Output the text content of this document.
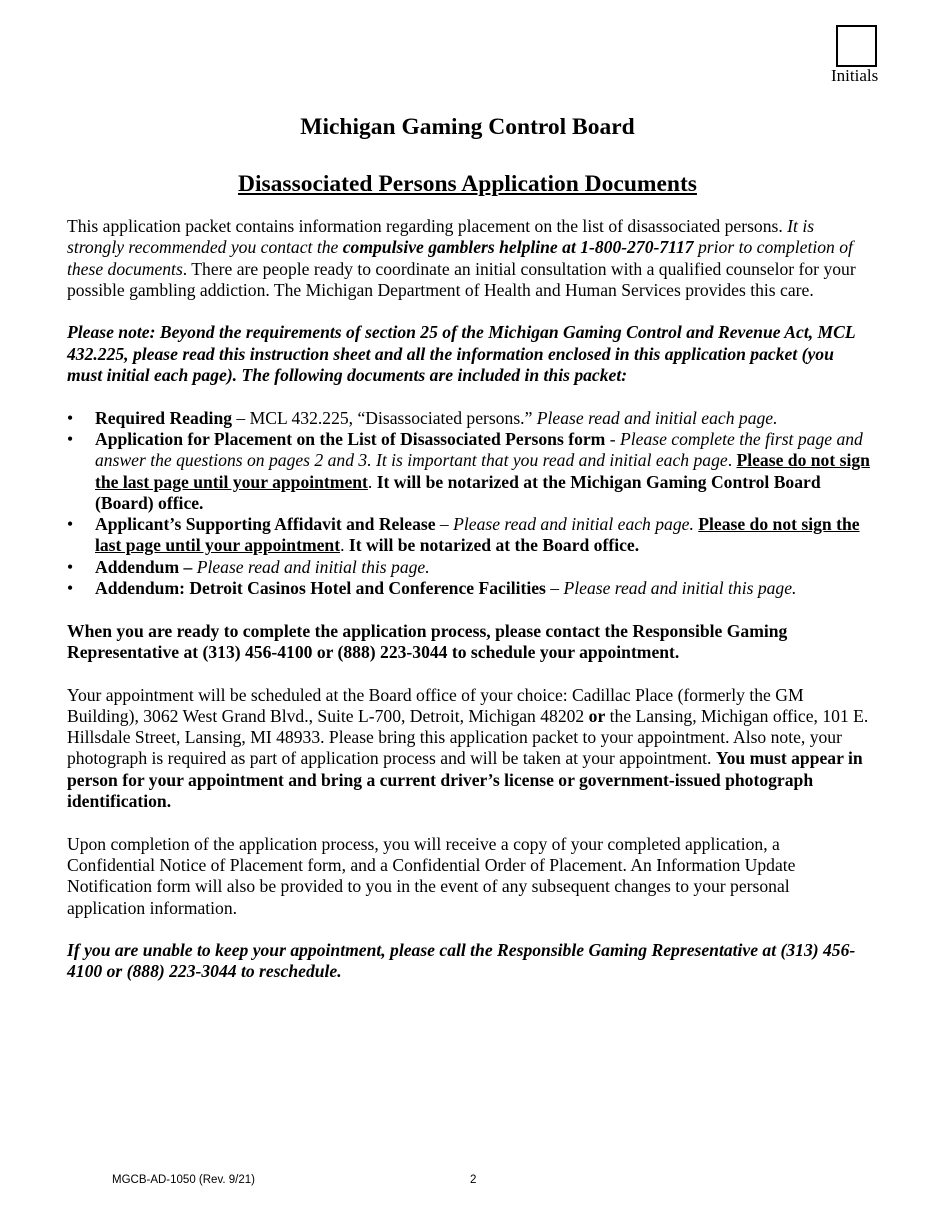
Initials
Michigan Gaming Control Board
Disassociated Persons Application Documents

This application packet contains information regarding placement on the list of disassociated persons. It is strongly recommended you contact the compulsive gamblers helpline at 1-800-270-7117 prior to completion of these documents. There are people ready to coordinate an initial consultation with a qualified counselor for your possible gambling addiction. The Michigan Department of Health and Human Services provides this care.

Please note: Beyond the requirements of section 25 of the Michigan Gaming Control and Revenue Act, MCL 432.225, please read this instruction sheet and all the information enclosed in this application packet (you must initial each page). The following documents are included in this packet:

• Required Reading – MCL 432.225, “Disassociated persons.” Please read and initial each page.
• Application for Placement on the List of Disassociated Persons form - Please complete the first page and answer the questions on pages 2 and 3. It is important that you read and initial each page. Please do not sign the last page until your appointment. It will be notarized at the Michigan Gaming Control Board (Board) office.
• Applicant’s Supporting Affidavit and Release – Please read and initial each page. Please do not sign the last page until your appointment. It will be notarized at the Board office.
• Addendum – Please read and initial this page.
• Addendum: Detroit Casinos Hotel and Conference Facilities – Please read and initial this page.

When you are ready to complete the application process, please contact the Responsible Gaming Representative at (313) 456-4100 or (888) 223-3044 to schedule your appointment.

Your appointment will be scheduled at the Board office of your choice: Cadillac Place (formerly the GM Building), 3062 West Grand Blvd., Suite L-700, Detroit, Michigan 48202 or the Lansing, Michigan office, 101 E. Hillsdale Street, Lansing, MI 48933. Please bring this application packet to your appointment. Also note, your photograph is required as part of application process and will be taken at your appointment. You must appear in person for your appointment and bring a current driver’s license or government-issued photograph identification.

Upon completion of the application process, you will receive a copy of your completed application, a Confidential Notice of Placement form, and a Confidential Order of Placement. An Information Update Notification form will also be provided to you in the event of any subsequent changes to your personal application information.

If you are unable to keep your appointment, please call the Responsible Gaming Representative at (313) 456-4100 or (888) 223-3044 to reschedule.

MGCB-AD-1050 (Rev. 9/21)	2
